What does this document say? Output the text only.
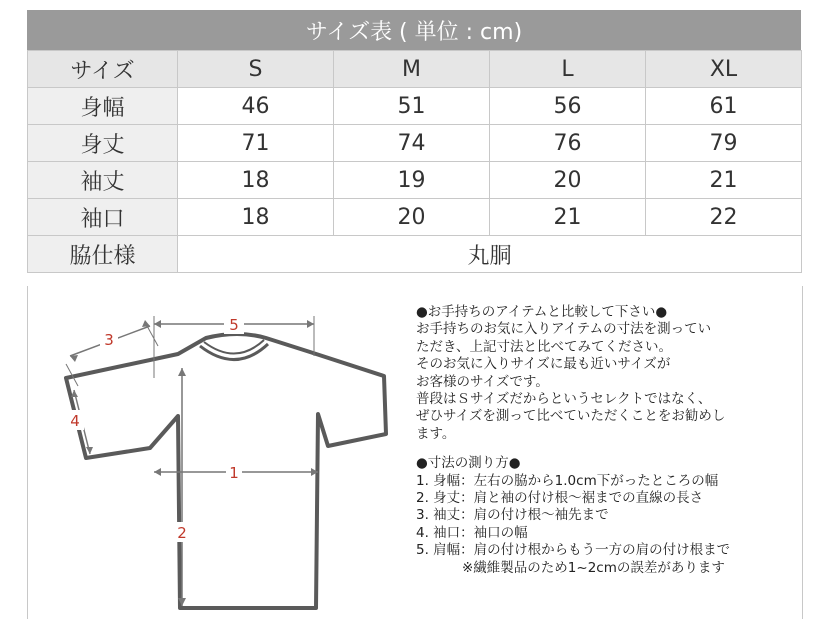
サイズ表 ( 単位 : cm)
サイズ	S	M	L	XL
身幅	46	51	56	61
身丈	71	74	76	79
袖丈	18	19	20	21
袖口	18	20	21	22
脇仕様	丸胴			
5
3
4
1
2

●お手持ちのアイテムと比較して下さい●

お手持ちのお気に入りアイテムの寸法を測ってい

ただき、上記寸法と比べてみてください。

そのお気に入りサイズに最も近いサイズが

お客様のサイズです。

普段はＳサイズだからというセレクトではなく、

ぜひサイズを測って比べていただくことをお勧めし

ます。

●寸法の測り方●

1. 身幅：左右の脇から1.0cm下がったところの幅

2. 身丈：肩と袖の付け根～裾までの直線の長さ

3. 袖丈：肩の付け根～袖先まで

4. 袖口：袖口の幅

5. 肩幅：肩の付け根からもう一方の肩の付け根まで

※繊維製品のため1~2cmの誤差があります
